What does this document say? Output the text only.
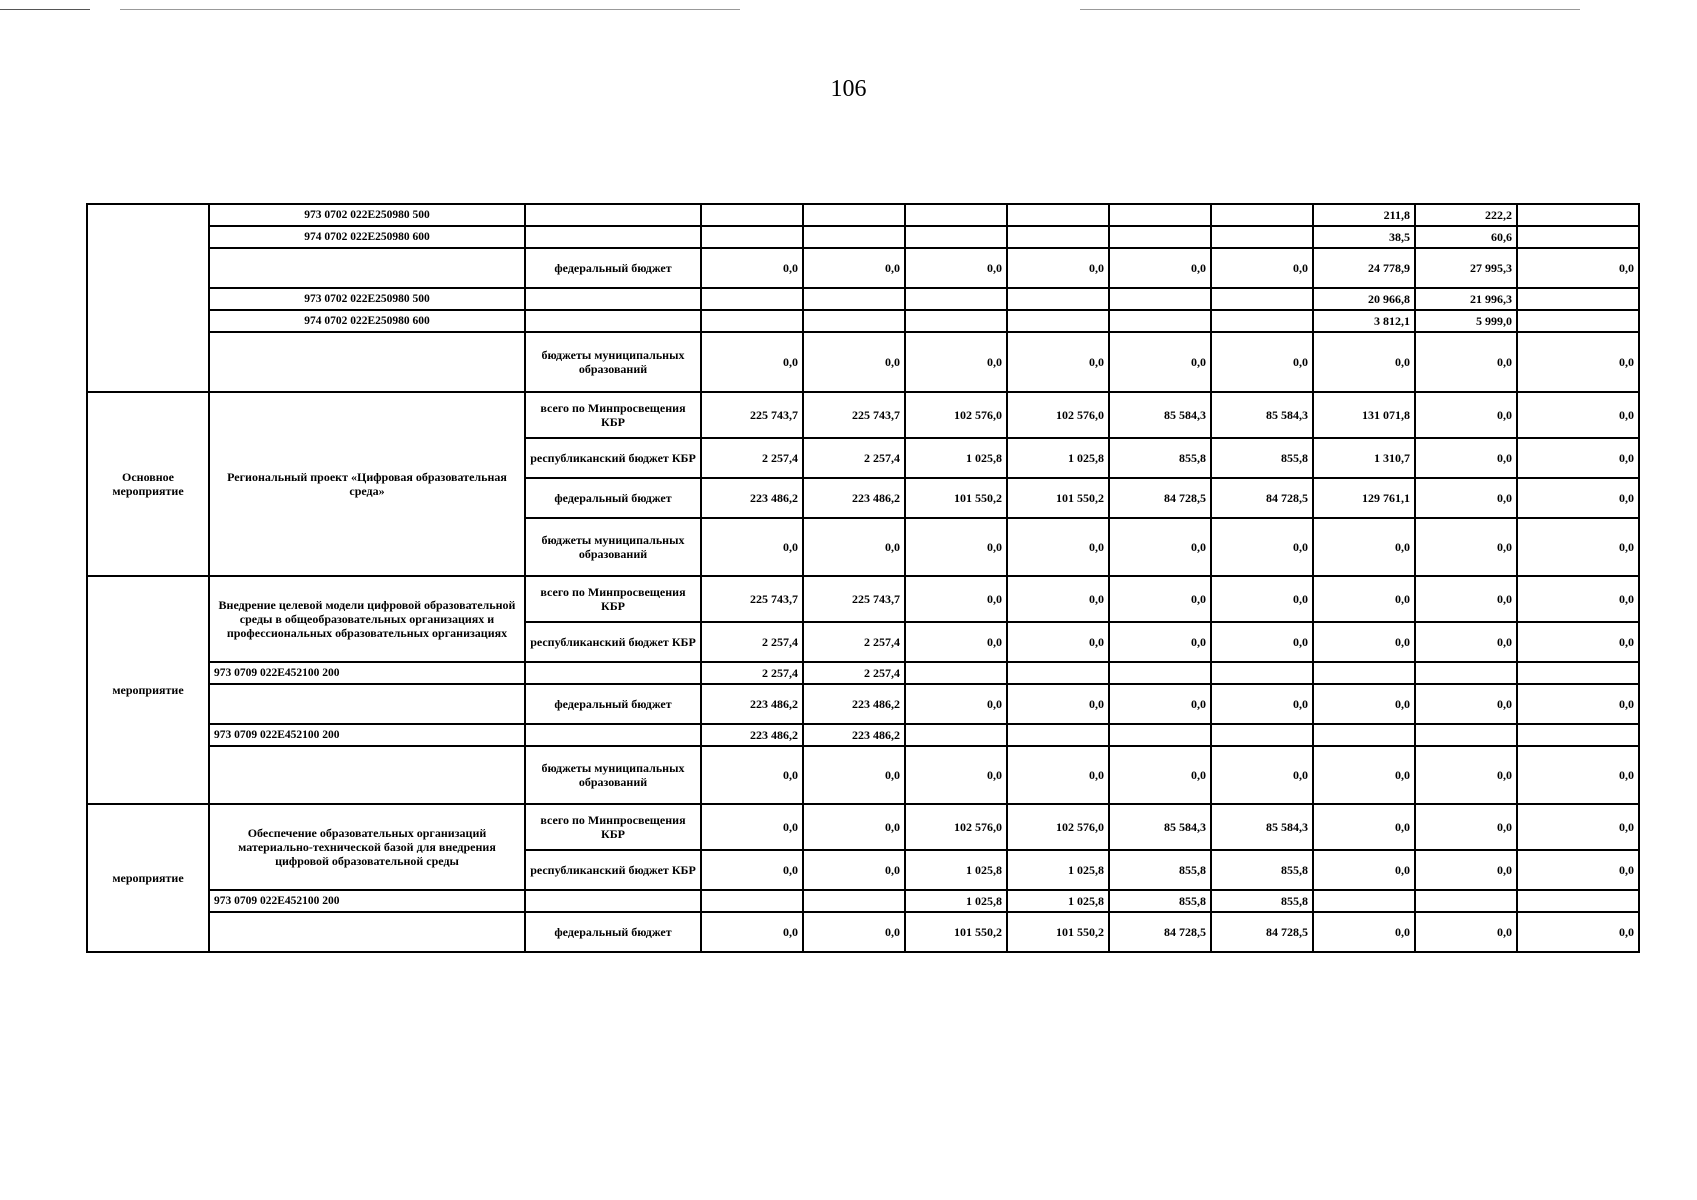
106
	973 0702 022Е250980 500								211,8	222,2	
	974 0702 022Е250980 600								38,5	60,6	
		федеральный бюджет	0,0	0,0	0,0	0,0	0,0	0,0	24 778,9	27 995,3	0,0
	973 0702 022Е250980 500								20 966,8	21 996,3	
	974 0702 022Е250980 600								3 812,1	5 999,0	
		бюджеты муниципальных образований	0,0	0,0	0,0	0,0	0,0	0,0	0,0	0,0	0,0
Основное мероприятие	Региональный проект «Цифровая образовательная среда»	всего по Минпросвещения КБР	225 743,7	225 743,7	102 576,0	102 576,0	85 584,3	85 584,3	131 071,8	0,0	0,0
		республиканский бюджет КБР	2 257,4	2 257,4	1 025,8	1 025,8	855,8	855,8	1 310,7	0,0	0,0
		федеральный бюджет	223 486,2	223 486,2	101 550,2	101 550,2	84 728,5	84 728,5	129 761,1	0,0	0,0
		бюджеты муниципальных образований	0,0	0,0	0,0	0,0	0,0	0,0	0,0	0,0	0,0
мероприятие	Внедрение целевой модели цифровой образовательной среды в общеобразовательных организациях и профессиональных образовательных организациях	всего по Минпросвещения КБР	225 743,7	225 743,7	0,0	0,0	0,0	0,0	0,0	0,0	0,0
		республиканский бюджет КБР	2 257,4	2 257,4	0,0	0,0	0,0	0,0	0,0	0,0	0,0
	973 0709 022Е452100 200		2 257,4	2 257,4							
		федеральный бюджет	223 486,2	223 486,2	0,0	0,0	0,0	0,0	0,0	0,0	0,0
	973 0709 022Е452100 200		223 486,2	223 486,2							
		бюджеты муниципальных образований	0,0	0,0	0,0	0,0	0,0	0,0	0,0	0,0	0,0
мероприятие	Обеспечение образовательных организаций материально-технической базой для внедрения цифровой образовательной среды	всего по Минпросвещения КБР	0,0	0,0	102 576,0	102 576,0	85 584,3	85 584,3	0,0	0,0	0,0
		республиканский бюджет КБР	0,0	0,0	1 025,8	1 025,8	855,8	855,8	0,0	0,0	0,0
	973 0709 022Е452100 200				1 025,8	1 025,8	855,8	855,8			
		федеральный бюджет	0,0	0,0	101 550,2	101 550,2	84 728,5	84 728,5	0,0	0,0	0,0
